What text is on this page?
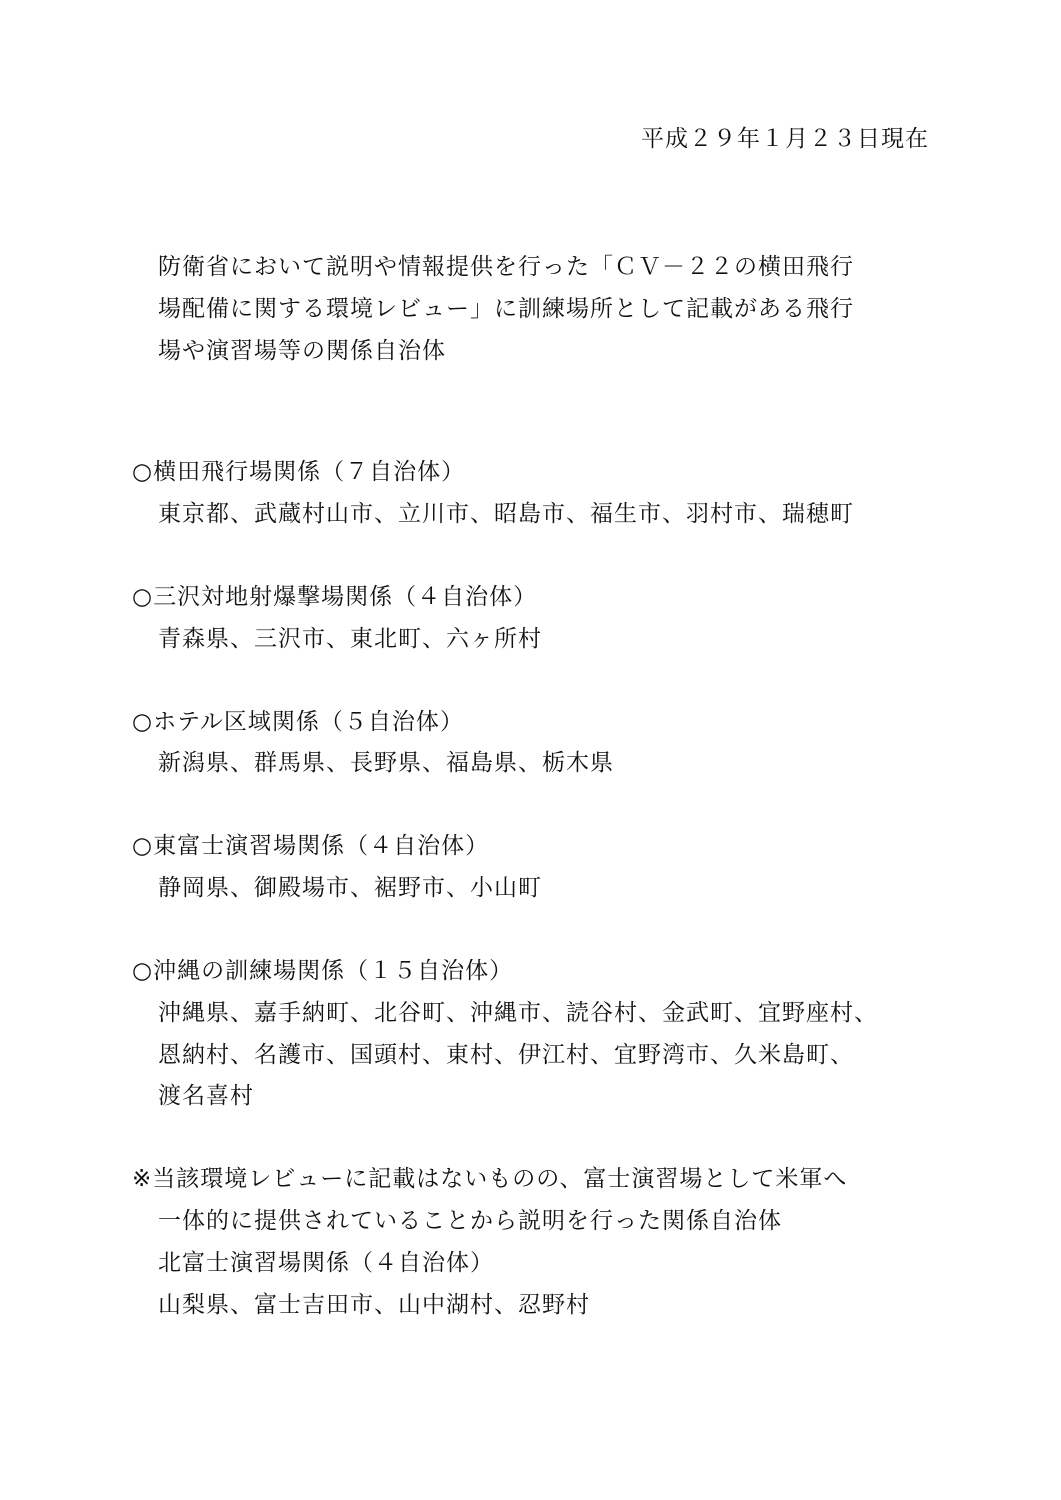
平成２９年１月２３日現在
防衛省において説明や情報提供を行った「ＣＶ－２２の横田飛行
場配備に関する環境レビュー」に訓練場所として記載がある飛行
場や演習場等の関係自治体
○横田飛行場関係（７自治体）
東京都、武蔵村山市、立川市、昭島市、福生市、羽村市、瑞穂町
○三沢対地射爆撃場関係（４自治体）
青森県、三沢市、東北町、六ヶ所村
○ホテル区域関係（５自治体）
新潟県、群馬県、長野県、福島県、栃木県
○東富士演習場関係（４自治体）
静岡県、御殿場市、裾野市、小山町
○沖縄の訓練場関係（１５自治体）
沖縄県、嘉手納町、北谷町、沖縄市、読谷村、金武町、宜野座村、
恩納村、名護市、国頭村、東村、伊江村、宜野湾市、久米島町、
渡名喜村
※当該環境レビューに記載はないものの、富士演習場として米軍へ
一体的に提供されていることから説明を行った関係自治体
北富士演習場関係（４自治体）
山梨県、富士吉田市、山中湖村、忍野村
